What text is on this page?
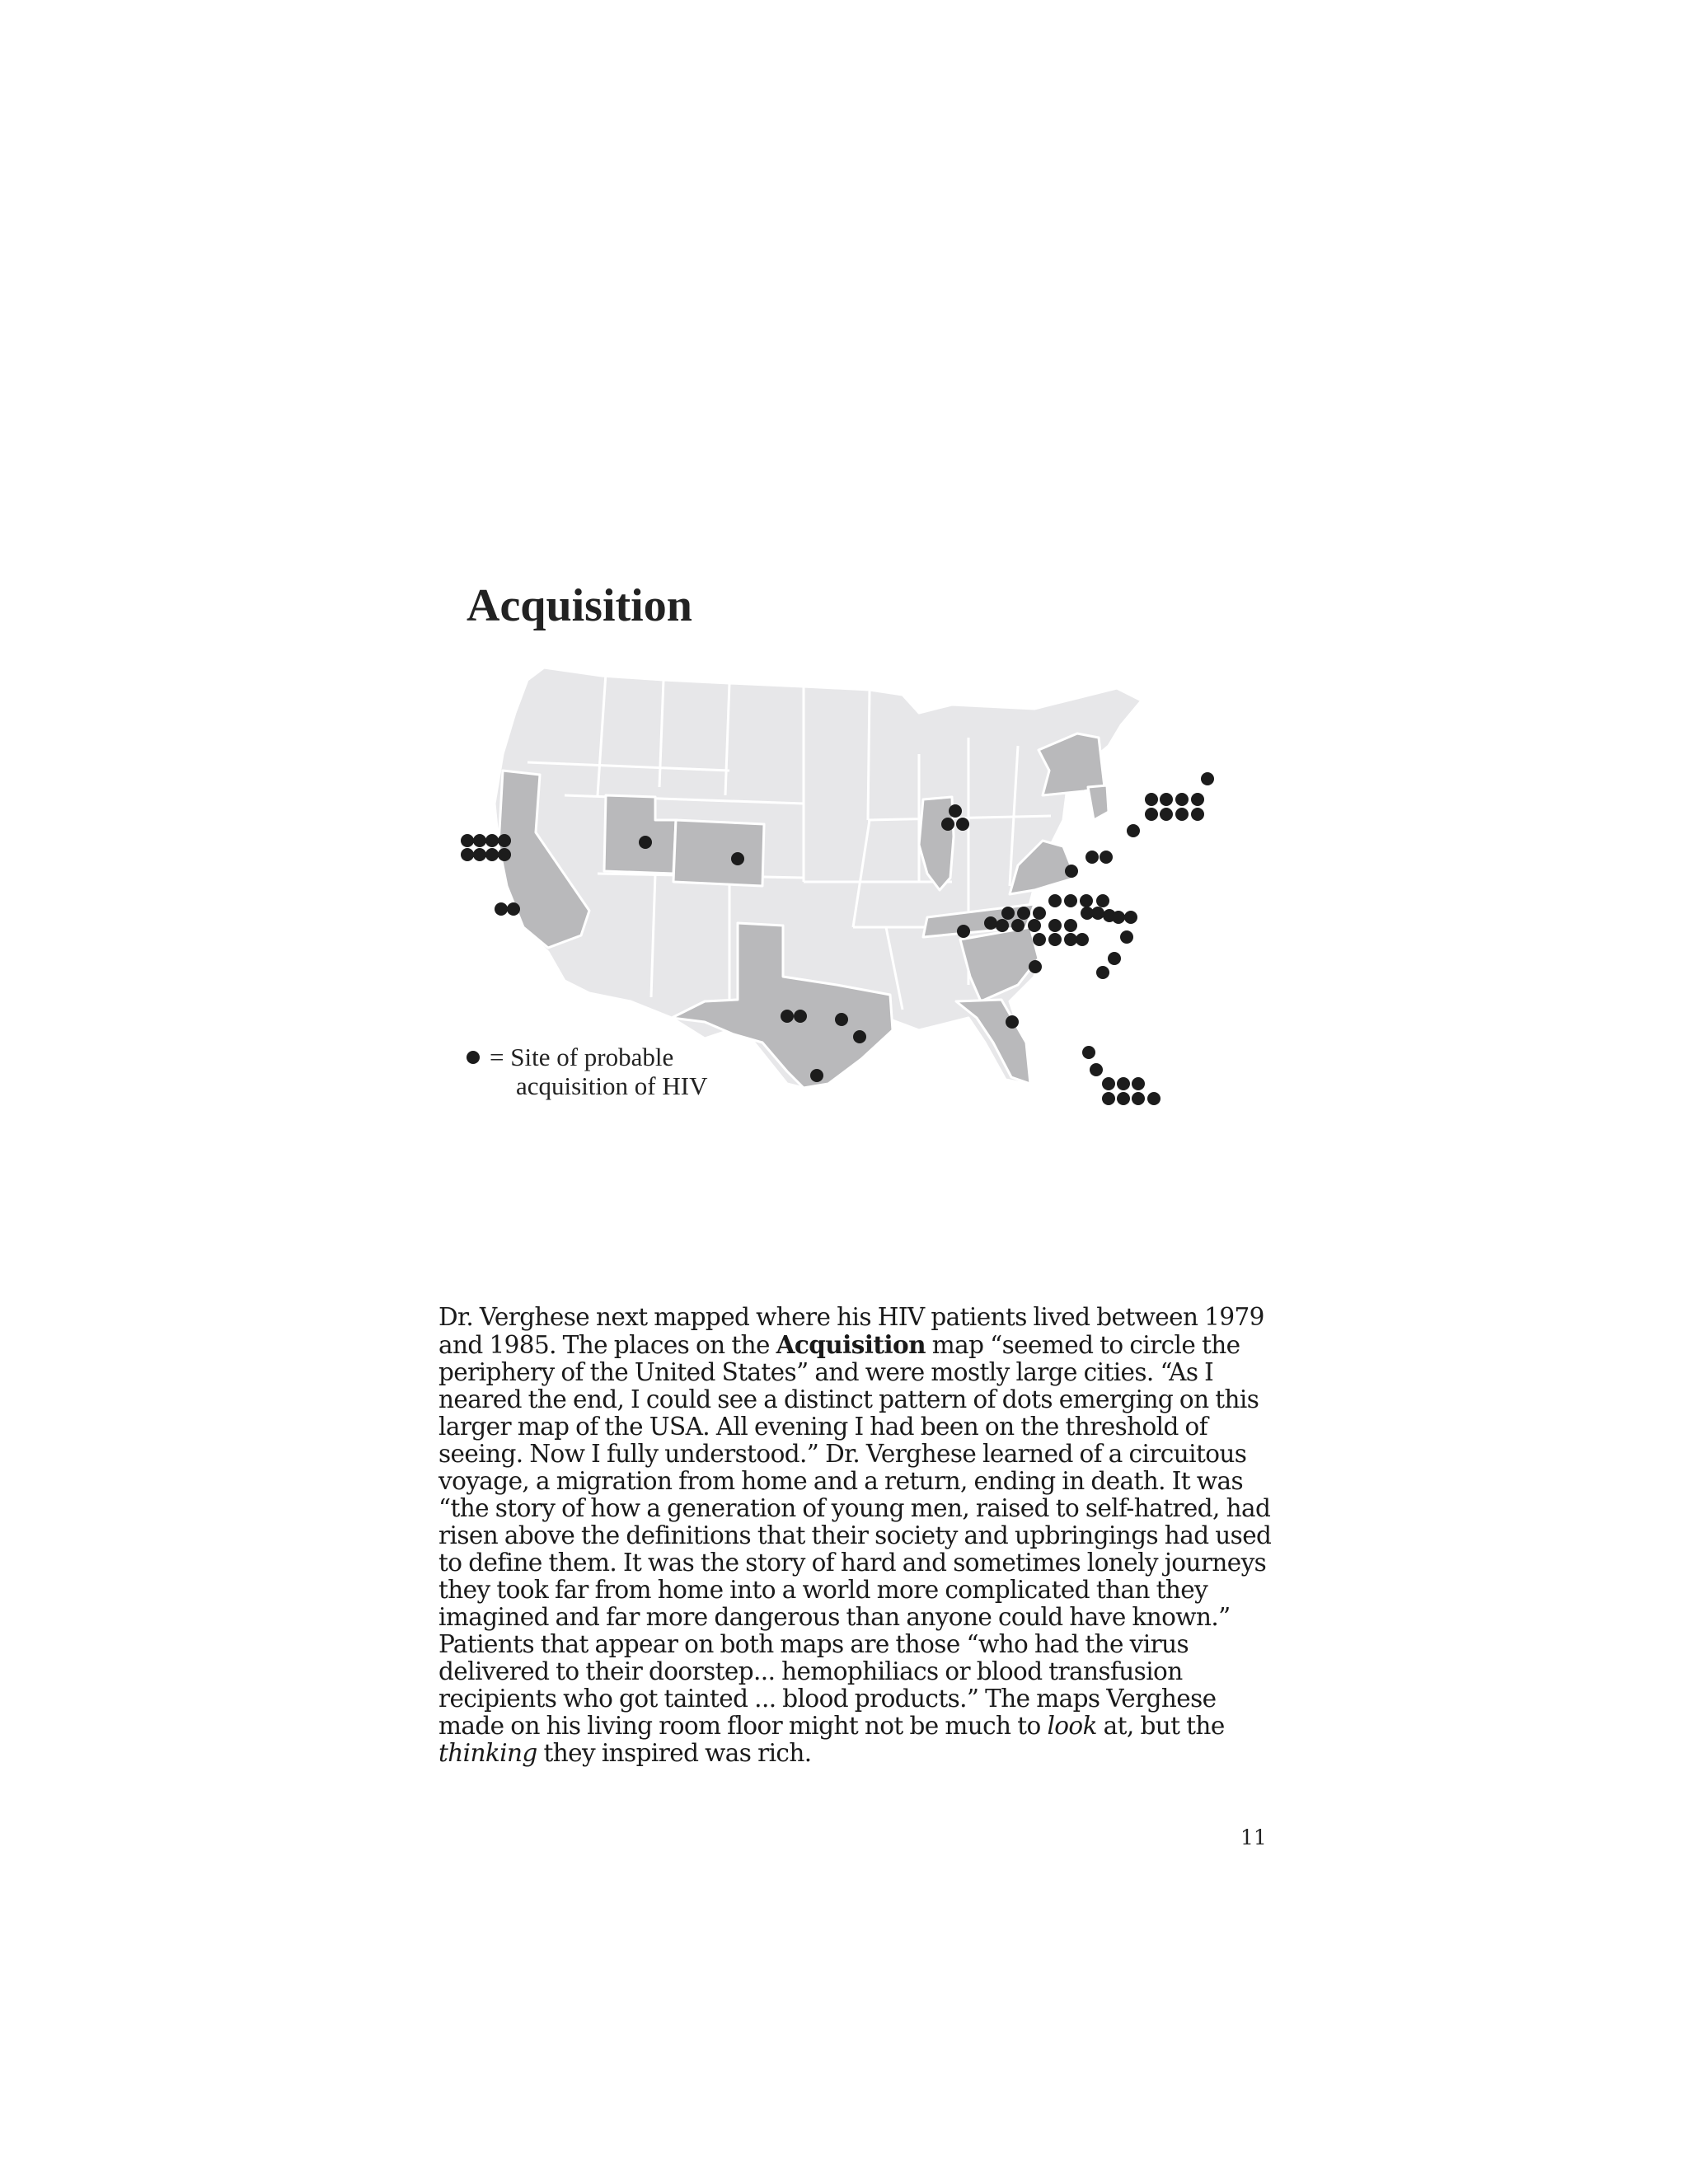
Acquisition
= Site of probable
acquisition of HIV

Dr. Verghese next mapped where his HIV patients lived between 1979 and 1985. The places on the Acquisition map “seemed to circle the periphery of the United States” and were mostly large cities. “As I neared the end, I could see a distinct pattern of dots emerging on this larger map of the USA. All evening I had been on the threshold of seeing. Now I fully understood.” Dr. Verghese learned of a circuitous voyage, a migration from home and a return, ending in death. It was “the story of how a generation of young men, raised to self-hatred, had risen above the definitions that their society and upbringings had used to define them. It was the story of hard and sometimes lonely journeys they took far from home into a world more complicated than they imagined and far more dangerous than anyone could have known.” Patients that appear on both maps are those “who had the virus delivered to their doorstep... hemophiliacs or blood transfusion recipients who got tainted ... blood products.” The maps Verghese made on his living room floor might not be much to look at, but the thinking they inspired was rich.

11
